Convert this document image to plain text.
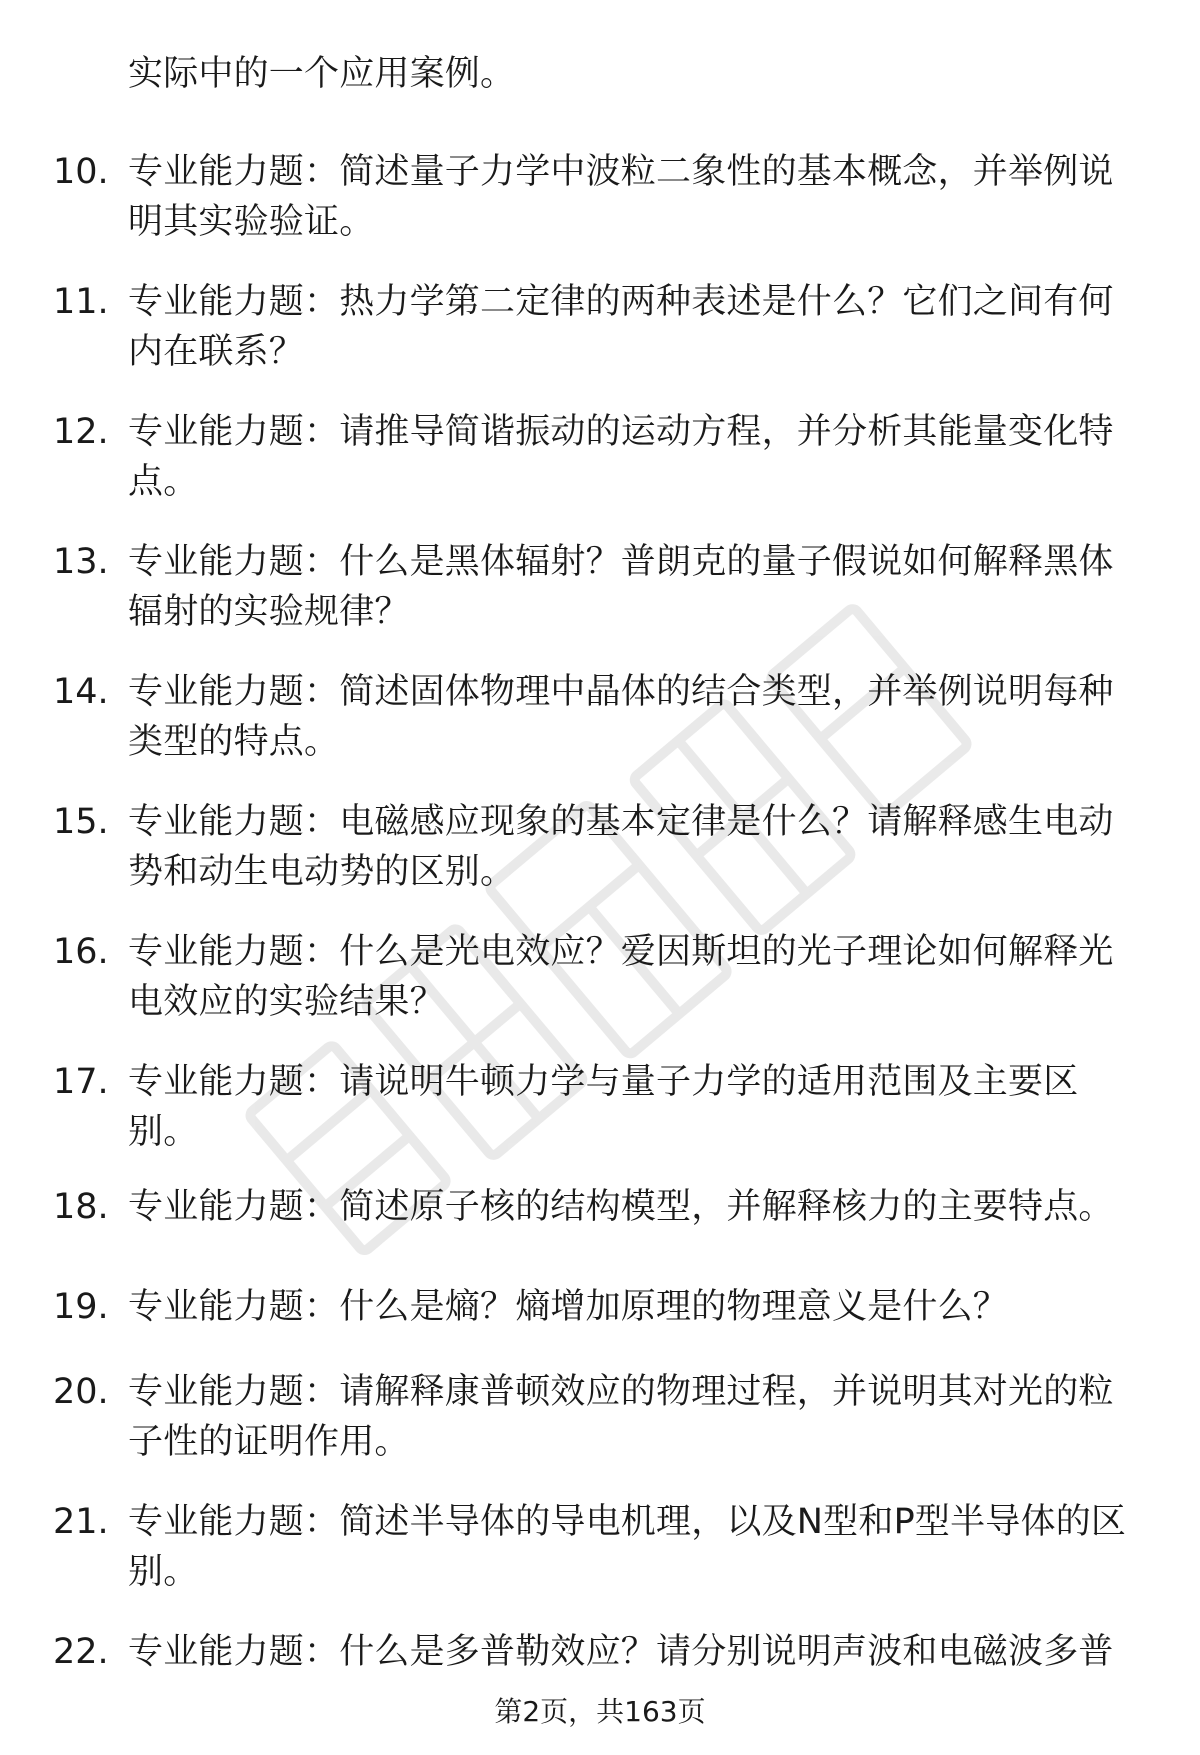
实际中的一个应用案例。
10. 专业能力题：简述量子力学中波粒二象性的基本概念，并举例说
明其实验验证。
11. 专业能力题：热力学第二定律的两种表述是什么？它们之间有何
内在联系？
12. 专业能力题：请推导简谐振动的运动方程，并分析其能量变化特
点。
13. 专业能力题：什么是黑体辐射？普朗克的量子假说如何解释黑体
辐射的实验规律？
14. 专业能力题：简述固体物理中晶体的结合类型，并举例说明每种
类型的特点。
15. 专业能力题：电磁感应现象的基本定律是什么？请解释感生电动
势和动生电动势的区别。
16. 专业能力题：什么是光电效应？爱因斯坦的光子理论如何解释光
电效应的实验结果？
17. 专业能力题：请说明牛顿力学与量子力学的适用范围及主要区
别。
18. 专业能力题：简述原子核的结构模型，并解释核力的主要特点。
19. 专业能力题：什么是熵？熵增加原理的物理意义是什么？
20. 专业能力题：请解释康普顿效应的物理过程，并说明其对光的粒
子性的证明作用。
21. 专业能力题：简述半导体的导电机理，以及N型和P型半导体的区
别。
22. 专业能力题：什么是多普勒效应？请分别说明声波和电磁波多普
第2页，共163页
